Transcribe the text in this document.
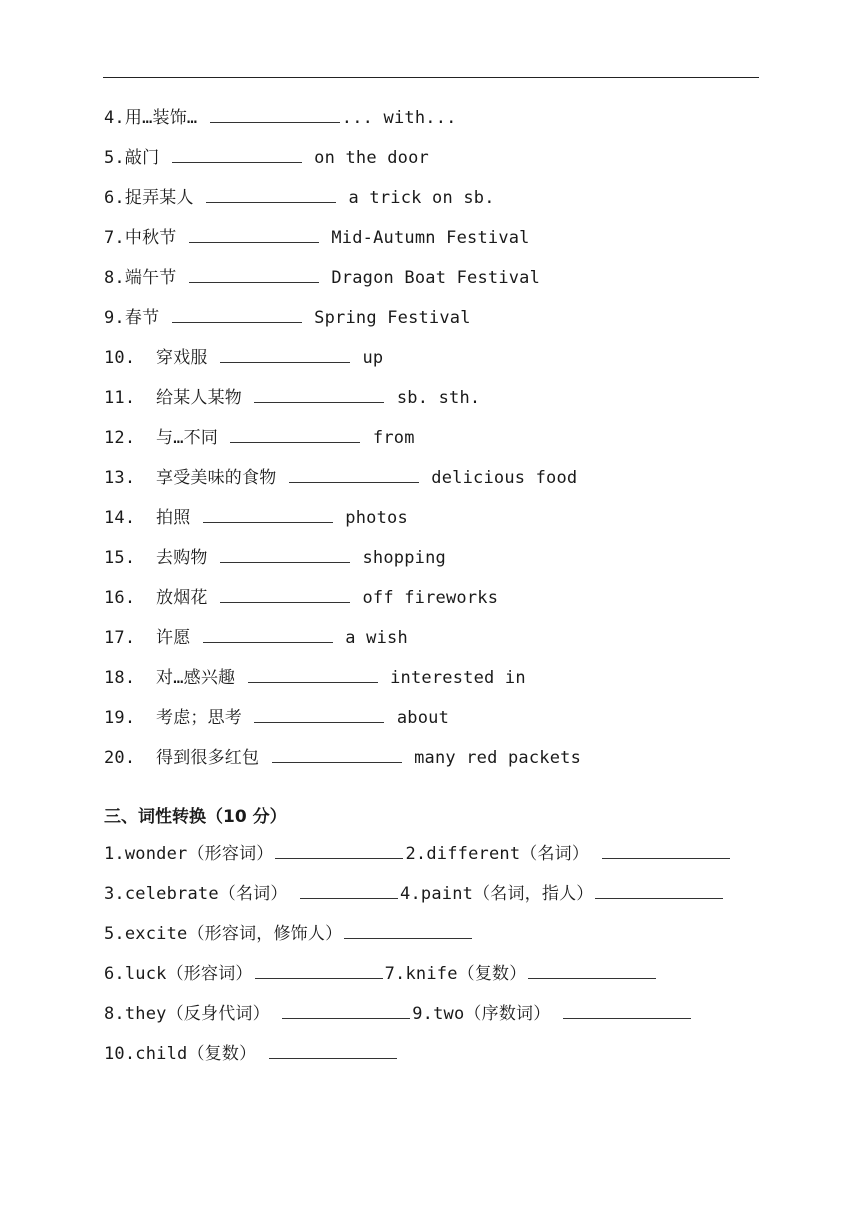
4.用…装饰…	... with...
5.敲门	on the door
6.捉弄某人	a trick on sb.
7.中秋节	Mid-Autumn Festival
8.端午节	Dragon Boat Festival
9.春节	Spring Festival
10. 穿戏服	up
11. 给某人某物	sb. sth.
12. 与…不同	from
13. 享受美味的食物	delicious food
14. 拍照	photos
15. 去购物	shopping
16. 放烟花	off fireworks
17. 许愿	a wish
18. 对…感兴趣	interested in
19. 考虑；思考	about
20. 得到很多红包	many red packets
三、词性转换（10 分）
1.wonder（形容词）	2.different（名词）
3.celebrate（名词）	4.paint（名词，指人）
5.excite（形容词，修饰人）
6.luck（形容词）	7.knife（复数）
8.they（反身代词）	9.two（序数词）
10.child（复数）
